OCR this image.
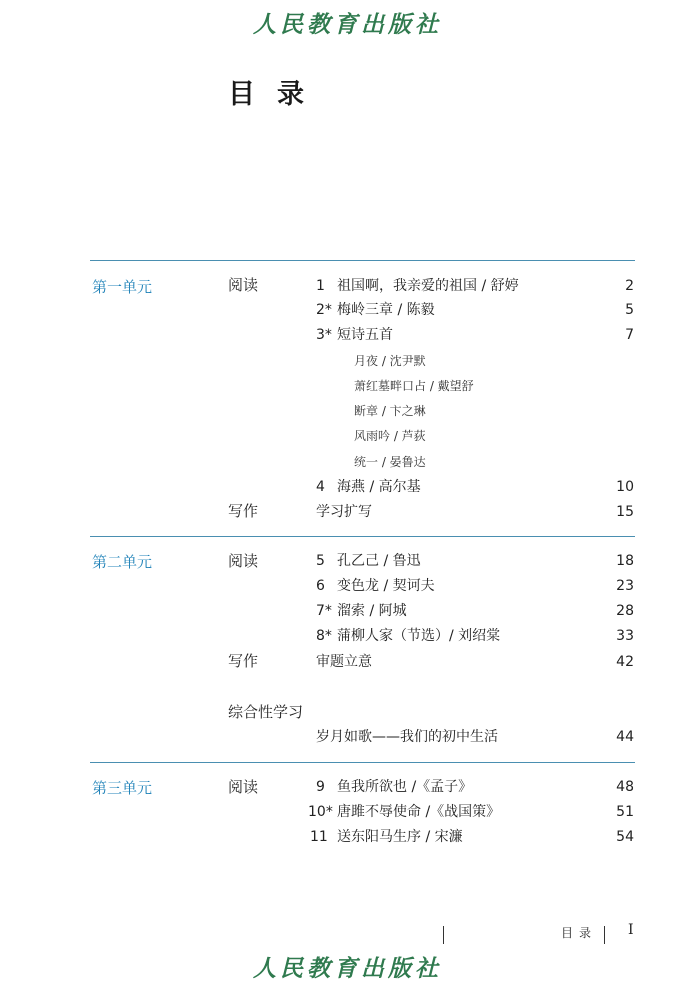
人民教育出版社
目录
第一单元	阅读	1 祖国啊，我亲爱的祖国 / 舒婷	2
2* 梅岭三章 / 陈毅	5
3* 短诗五首	7
月夜 / 沈尹默
萧红墓畔口占 / 戴望舒
断章 / 卞之琳
风雨吟 / 芦荻
统一 / 晏鲁达
4 海燕 / 高尔基	10
写作	学习扩写	15
第二单元	阅读	5 孔乙己 / 鲁迅	18
6 变色龙 / 契诃夫	23
7* 溜索 / 阿城	28
8* 蒲柳人家（节选）/ 刘绍棠	33
写作	审题立意	42
综合性学习
岁月如歌——我们的初中生活	44
第三单元	阅读	9 鱼我所欲也 /《孟子》	48
10* 唐雎不辱使命 /《战国策》	51
11 送东阳马生序 / 宋濂	54
目录 I
人民教育出版社
